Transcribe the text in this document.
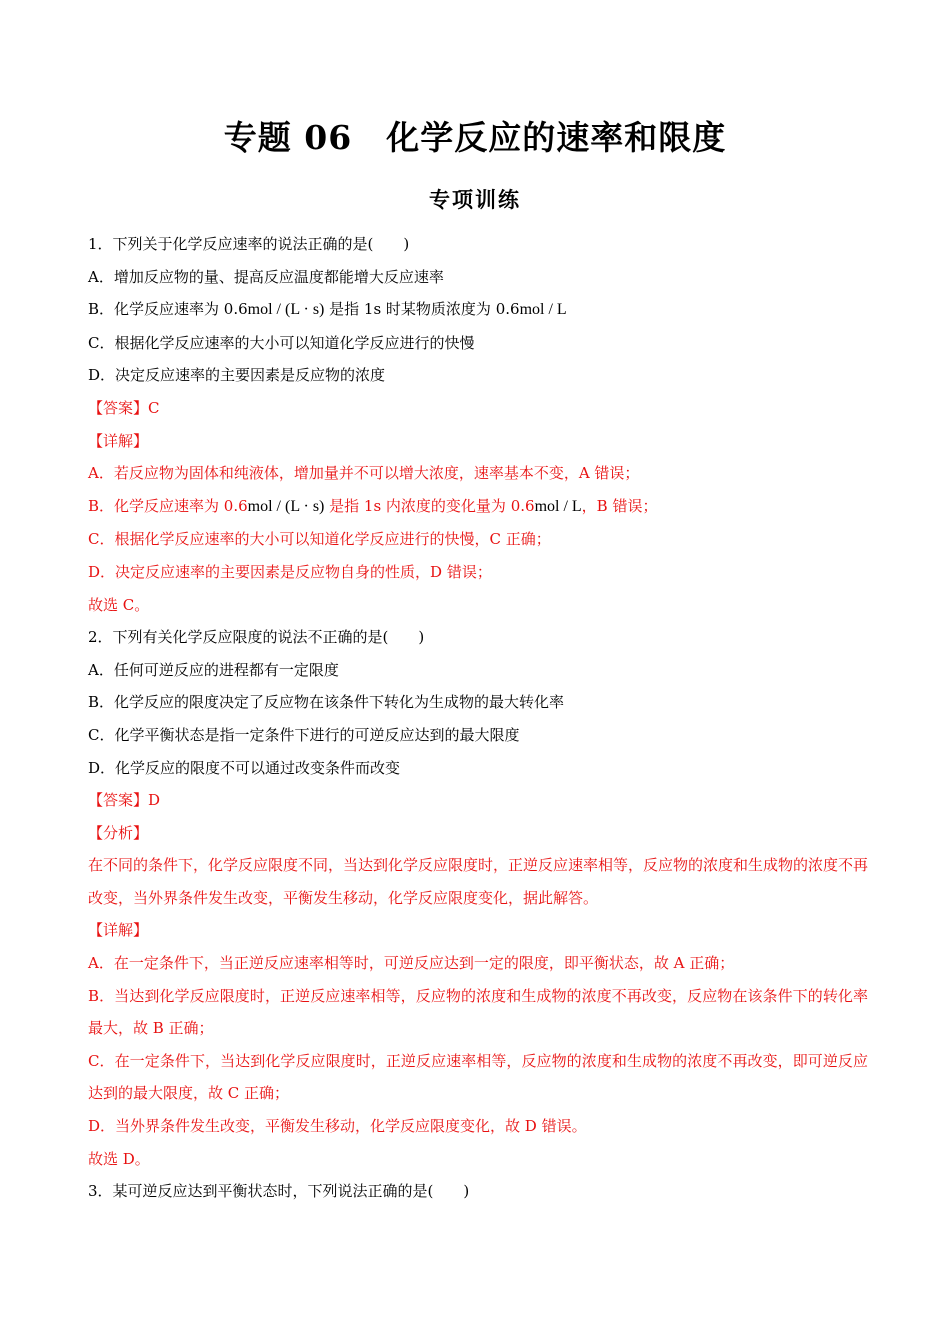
专题 06　化学反应的速率和限度
专项训练
1．下列关于化学反应速率的说法正确的是(　　)
A．增加反应物的量、提高反应温度都能增大反应速率
B．化学反应速率为 0.6mol / (L · s) 是指 1s 时某物质浓度为 0.6mol / L
C．根据化学反应速率的大小可以知道化学反应进行的快慢
D．决定反应速率的主要因素是反应物的浓度
【答案】C
【详解】
A．若反应物为固体和纯液体，增加量并不可以增大浓度，速率基本不变，A 错误；
B．化学反应速率为 0.6mol / (L · s) 是指 1s 内浓度的变化量为 0.6mol / L，B 错误；
C．根据化学反应速率的大小可以知道化学反应进行的快慢，C 正确；
D．决定反应速率的主要因素是反应物自身的性质，D 错误；
故选 C。
2．下列有关化学反应限度的说法不正确的是(　　)
A．任何可逆反应的进程都有一定限度
B．化学反应的限度决定了反应物在该条件下转化为生成物的最大转化率
C．化学平衡状态是指一定条件下进行的可逆反应达到的最大限度
D．化学反应的限度不可以通过改变条件而改变
【答案】D
【分析】
在不同的条件下，化学反应限度不同，当达到化学反应限度时，正逆反应速率相等，反应物的浓度和生成物的浓度不再改变，当外界条件发生改变，平衡发生移动，化学反应限度变化，据此解答。
【详解】
A．在一定条件下，当正逆反应速率相等时，可逆反应达到一定的限度，即平衡状态，故 A 正确；
B．当达到化学反应限度时，正逆反应速率相等，反应物的浓度和生成物的浓度不再改变，反应物在该条件下的转化率最大，故 B 正确；
C．在一定条件下，当达到化学反应限度时，正逆反应速率相等，反应物的浓度和生成物的浓度不再改变，即可逆反应达到的最大限度，故 C 正确；
D．当外界条件发生改变，平衡发生移动，化学反应限度变化，故 D 错误。
故选 D。
3．某可逆反应达到平衡状态时，下列说法正确的是(　　)
